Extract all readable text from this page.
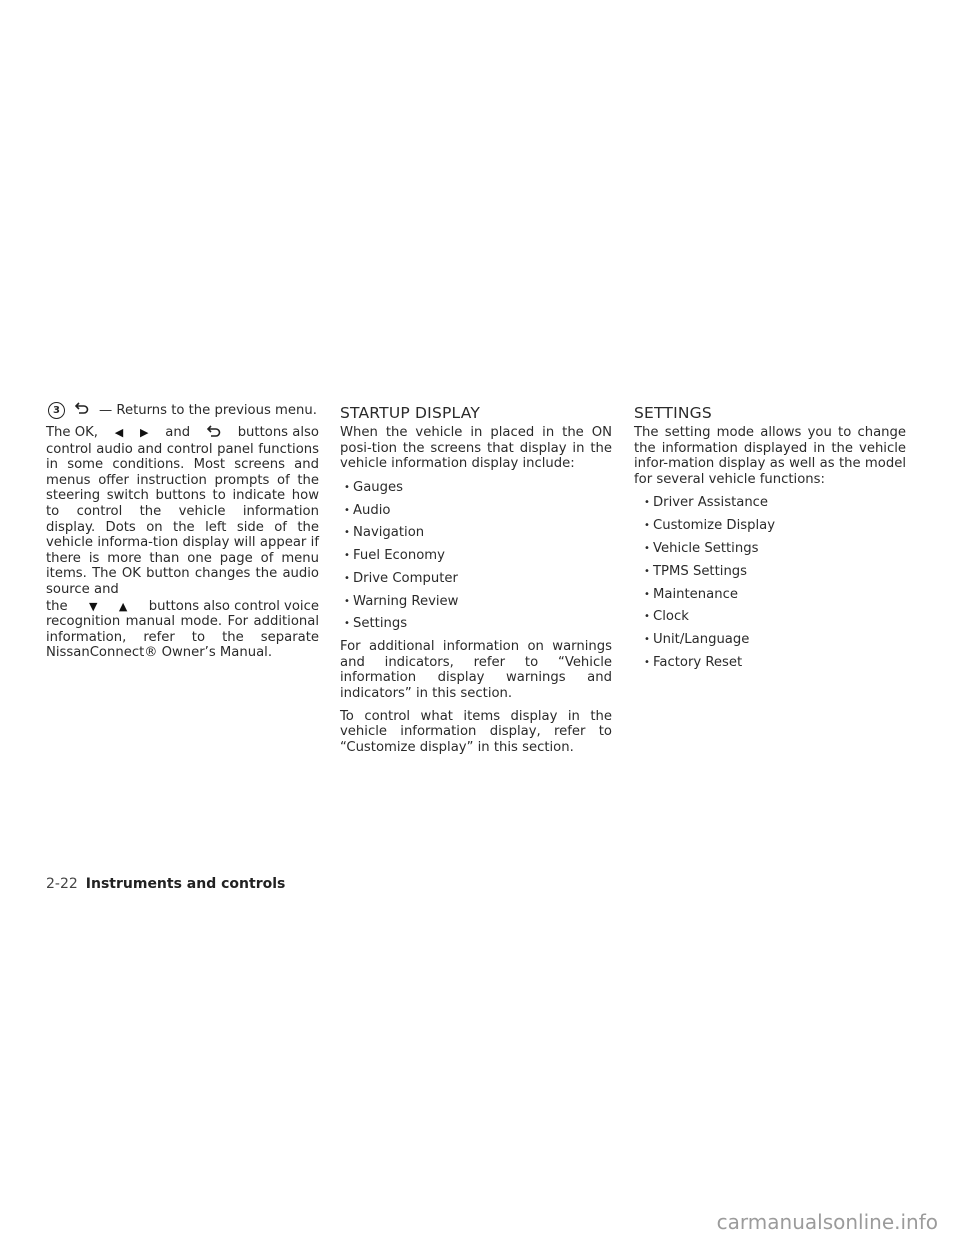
3	— Returns to the previous menu.
The OK, ◀ ▶ and	buttons also

control audio and control panel functions in some conditions. Most screens and menus offer instruction prompts of the steering switch buttons to indicate how to control the vehicle information display. Dots on the left side of the vehicle informa-tion display will appear if there is more than one page of menu items. The OK button changes the audio source and

the ▼ ▲ buttons also control voice

recognition manual mode. For additional information, refer to the separate NissanConnect® Owner’s Manual.

STARTUP DISPLAY

When the vehicle in placed in the ON posi-tion the screens that display in the vehicle information display include:

• Gauges
• Audio
• Navigation
• Fuel Economy
• Drive Computer
• Warning Review
• Settings

For additional information on warnings and indicators, refer to “Vehicle information display warnings and indicators” in this section.

To control what items display in the vehicle information display, refer to “Customize display” in this section.

SETTINGS

The setting mode allows you to change the information displayed in the vehicle infor-mation display as well as the model for several vehicle functions:

• Driver Assistance
• Customize Display
• Vehicle Settings
• TPMS Settings
• Maintenance
• Clock
• Unit/Language
• Factory Reset
2-22 Instruments and controls
carmanualsonline.info
